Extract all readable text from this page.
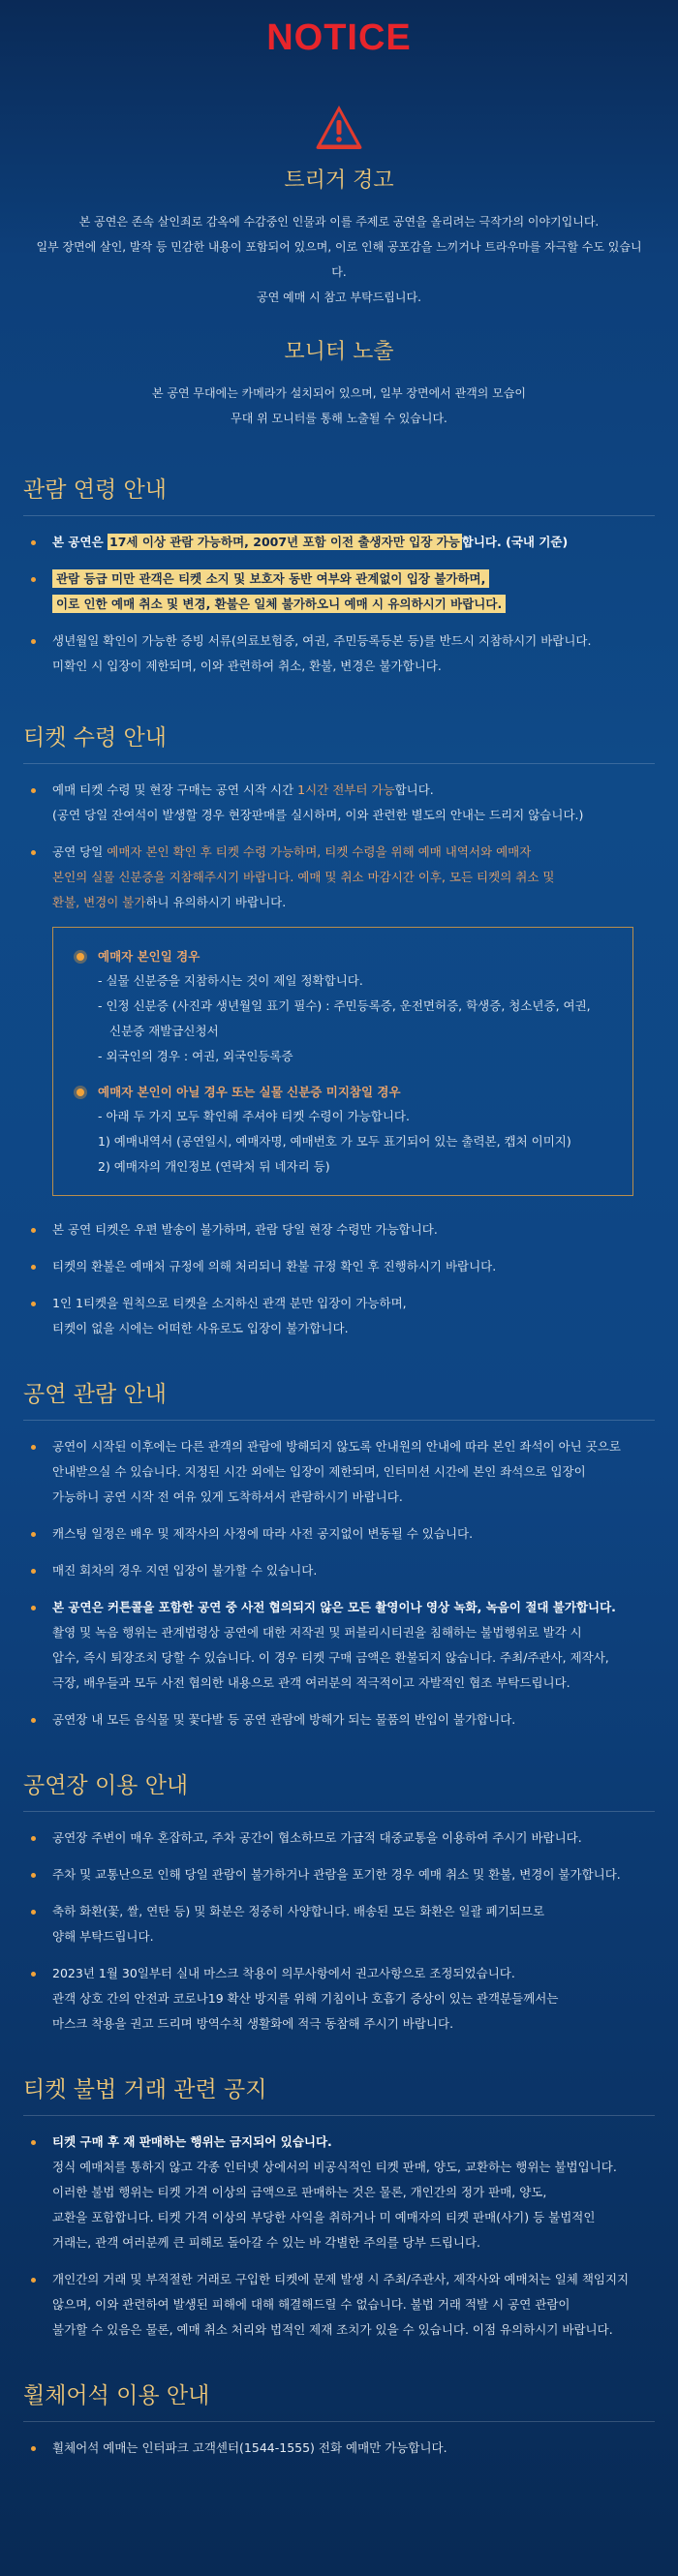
NOTICE
트리거 경고

본 공연은 존속 살인죄로 감옥에 수감중인 인물과 이를 주제로 공연을 올리려는 극작가의 이야기입니다.

일부 장면에 살인, 발작 등 민감한 내용이 포함되어 있으며, 이로 인해 공포감을 느끼거나 트라우마를 자극할 수도 있습니다.

공연 예매 시 참고 부탁드립니다.

모니터 노출

본 공연 무대에는 카메라가 설치되어 있으며, 일부 장면에서 관객의 모습이

무대 위 모니터를 통해 노출될 수 있습니다.

관람 연령 안내
본 공연은 17세 이상 관람 가능하며, 2007년 포함 이전 출생자만 입장 가능 합니다. (국내 기준)
관람 등급 미만 관객은 티켓 소지 및 보호자 동반 여부와 관계없이 입장 불가하며,
이로 인한 예매 취소 및 변경, 환불은 일체 불가하오니 예매 시 유의하시기 바랍니다.
생년월일 확인이 가능한 증빙 서류(의료보험증, 여권, 주민등록등본 등)를 반드시 지참하시기 바랍니다.
미확인 시 입장이 제한되며, 이와 관련하여 취소, 환불, 변경은 불가합니다.
티켓 수령 안내
예매 티켓 수령 및 현장 구매는 공연 시작 시간 1시간 전부터 가능합니다.
(공연 당일 잔여석이 발생할 경우 현장판매를 실시하며, 이와 관련한 별도의 안내는 드리지 않습니다.)
공연 당일 예매자 본인 확인 후 티켓 수령 가능하며, 티켓 수령을 위해 예매 내역서와 예매자
본인의 실물 신분증을 지참해주시기 바랍니다. 예매 및 취소 마감시간 이후, 모든 티켓의 취소 및
환불, 변경이 불가하니 유의하시기 바랍니다.
예매자 본인일 경우
- 실물 신분증을 지참하시는 것이 제일 정확합니다.
- 인정 신분증 (사진과 생년월일 표기 필수) : 주민등록증, 운전면허증, 학생증, 청소년증, 여권,
신분증 재발급신청서
- 외국인의 경우 : 여권, 외국인등록증
예매자 본인이 아닐 경우 또는 실물 신분증 미지참일 경우
- 아래 두 가지 모두 확인해 주셔야 티켓 수령이 가능합니다.
1) 예매내역서 (공연일시, 예매자명, 예매번호 가 모두 표기되어 있는 출력본, 캡처 이미지)
2) 예매자의 개인정보 (연락처 뒤 네자리 등)
본 공연 티켓은 우편 발송이 불가하며, 관람 당일 현장 수령만 가능합니다.
티켓의 환불은 예매처 규정에 의해 처리되니 환불 규정 확인 후 진행하시기 바랍니다.
1인 1티켓을 원칙으로 티켓을 소지하신 관객 분만 입장이 가능하며,
티켓이 없을 시에는 어떠한 사유로도 입장이 불가합니다.
공연 관람 안내
공연이 시작된 이후에는 다른 관객의 관람에 방해되지 않도록 안내원의 안내에 따라 본인 좌석이 아닌 곳으로
안내받으실 수 있습니다. 지정된 시간 외에는 입장이 제한되며, 인터미션 시간에 본인 좌석으로 입장이
가능하니 공연 시작 전 여유 있게 도착하셔서 관람하시기 바랍니다.
캐스팅 일정은 배우 및 제작사의 사정에 따라 사전 공지없이 변동될 수 있습니다.
매진 회차의 경우 지연 입장이 불가할 수 있습니다.
본 공연은 커튼콜을 포함한 공연 중 사전 협의되지 않은 모든 촬영이나 영상 녹화, 녹음이 절대 불가합니다.
촬영 및 녹음 행위는 관계법령상 공연에 대한 저작권 및 퍼블리시티권을 침해하는 불법행위로 발각 시
압수, 즉시 퇴장조치 당할 수 있습니다. 이 경우 티켓 구매 금액은 환불되지 않습니다. 주최/주관사, 제작사,
극장, 배우들과 모두 사전 협의한 내용으로 관객 여러분의 적극적이고 자발적인 협조 부탁드립니다.
공연장 내 모든 음식물 및 꽃다발 등 공연 관람에 방해가 되는 물품의 반입이 불가합니다.
공연장 이용 안내
공연장 주변이 매우 혼잡하고, 주차 공간이 협소하므로 가급적 대중교통을 이용하여 주시기 바랍니다.
주차 및 교통난으로 인해 당일 관람이 불가하거나 관람을 포기한 경우 예매 취소 및 환불, 변경이 불가합니다.
축하 화환(꽃, 쌀, 연탄 등) 및 화분은 정중히 사양합니다. 배송된 모든 화환은 일괄 폐기되므로
양해 부탁드립니다.
2023년 1월 30일부터 실내 마스크 착용이 의무사항에서 권고사항으로 조정되었습니다.
관객 상호 간의 안전과 코로나19 확산 방지를 위해 기침이나 호흡기 증상이 있는 관객분들께서는
마스크 착용을 권고 드리며 방역수칙 생활화에 적극 동참해 주시기 바랍니다.
티켓 불법 거래 관련 공지
티켓 구매 후 재 판매하는 행위는 금지되어 있습니다.
정식 예매처를 통하지 않고 각종 인터넷 상에서의 비공식적인 티켓 판매, 양도, 교환하는 행위는 불법입니다.
이러한 불법 행위는 티켓 가격 이상의 금액으로 판매하는 것은 물론, 개인간의 정가 판매, 양도,
교환을 포함합니다. 티켓 가격 이상의 부당한 사익을 취하거나 미 예매자의 티켓 판매(사기) 등 불법적인
거래는, 관객 여러분께 큰 피해로 돌아갈 수 있는 바 각별한 주의를 당부 드립니다.
개인간의 거래 및 부적절한 거래로 구입한 티켓에 문제 발생 시 주최/주관사, 제작사와 예매처는 일체 책임지지
않으며, 이와 관련하여 발생된 피해에 대해 해결해드릴 수 없습니다. 불법 거래 적발 시 공연 관람이
불가할 수 있음은 물론, 예매 취소 처리와 법적인 제재 조치가 있을 수 있습니다. 이점 유의하시기 바랍니다.
휠체어석 이용 안내
휠체어석 예매는 인터파크 고객센터(1544-1555) 전화 예매만 가능합니다.
